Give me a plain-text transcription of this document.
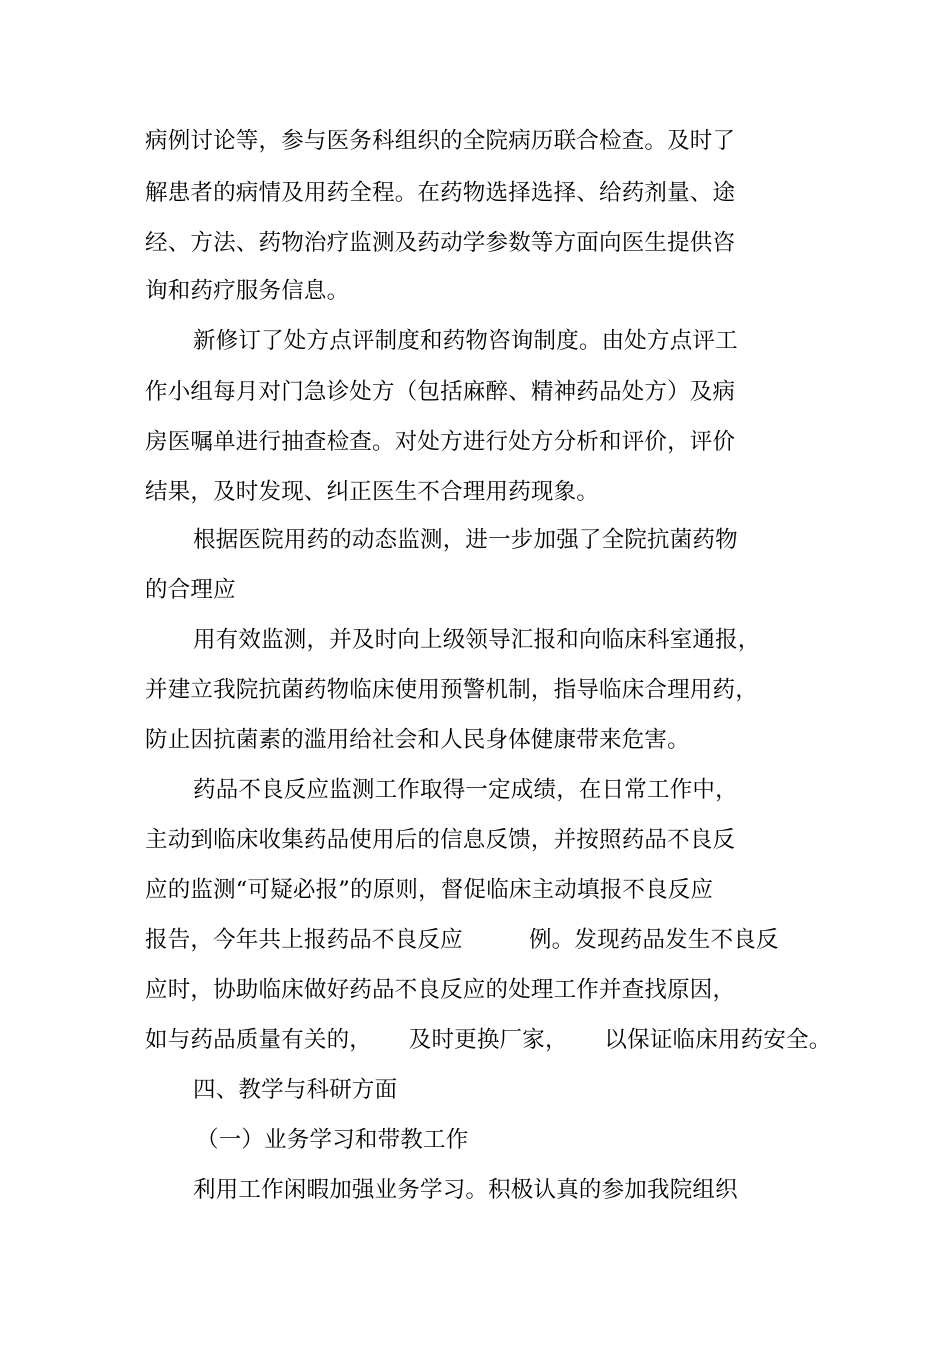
病例讨论等，参与医务科组织的全院病历联合检查。及时了
解患者的病情及用药全程。在药物选择选择、给药剂量、途
经、方法、药物治疗监测及药动学参数等方面向医生提供咨
询和药疗服务信息。
新修订了处方点评制度和药物咨询制度。由处方点评工
作小组每月对门急诊处方（包括麻醉、精神药品处方）及病
房医嘱单进行抽查检查。对处方进行处方分析和评价，评价
结果，及时发现、纠正医生不合理用药现象。
根据医院用药的动态监测，进一步加强了全院抗菌药物
的合理应
用有效监测，并及时向上级领导汇报和向临床科室通报，
并建立我院抗菌药物临床使用预警机制，指导临床合理用药，
防止因抗菌素的滥用给社会和人民身体健康带来危害。
药品不良反应监测工作取得一定成绩，在日常工作中，
主动到临床收集药品使用后的信息反馈，并按照药品不良反
应的监测“可疑必报”的原则，督促临床主动填报不良反应
报告，今年共上报药品不良反应         例。发现药品发生不良反
应时，协助临床做好药品不良反应的处理工作并查找原因，
如与药品质量有关的，     及时更换厂家，     以保证临床用药安全。
四、教学与科研方面
（一）业务学习和带教工作
利用工作闲暇加强业务学习。积极认真的参加我院组织
